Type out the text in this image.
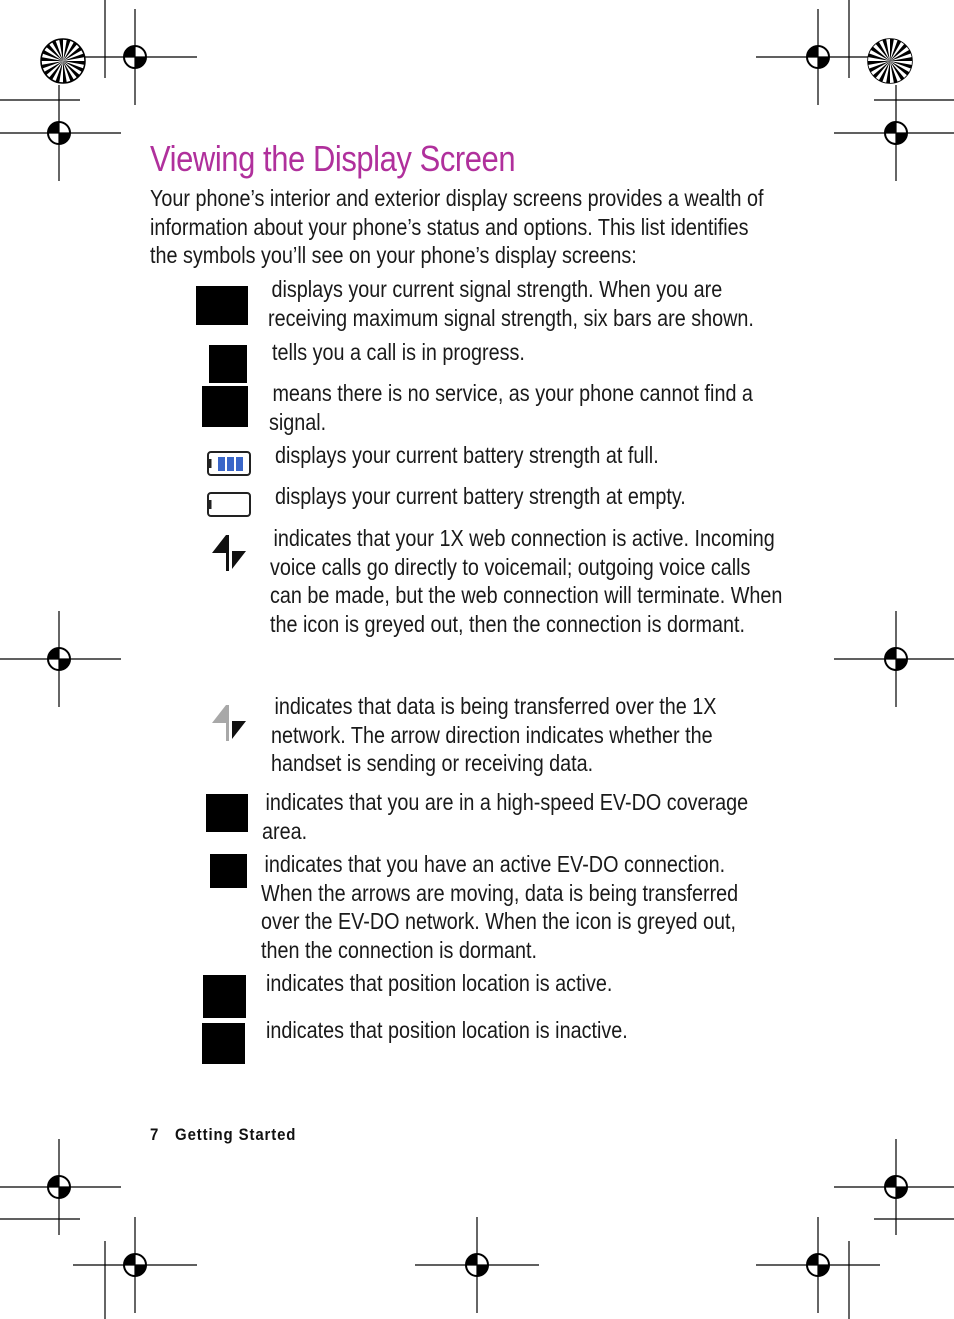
Viewing the Display Screen

Your phone’s interior and exterior display screens provides a wealth of information about your phone’s status and options. This list identifies the symbols you’ll see on your phone’s display screens:

displays your current signal strength. When you are receiving maximum signal strength, six bars are shown.

tells you a call is in progress.

means there is no service, as your phone cannot find a signal.

displays your current battery strength at full.

displays your current battery strength at empty.

indicates that your 1X web connection is active. Incoming voice calls go directly to voicemail; outgoing voice calls can be made, but the web connection will terminate. When the icon is greyed out, then the connection is dormant.

indicates that data is being transferred over the 1X network. The arrow direction indicates whether the handset is sending or receiving data.

indicates that you are in a high-speed EV-DO coverage area.

indicates that you have an active EV-DO connection. When the arrows are moving, data is being transferred over the EV-DO network. When the icon is greyed out, then the connection is dormant.

indicates that position location is active.

indicates that position location is inactive.

7 Getting Started
